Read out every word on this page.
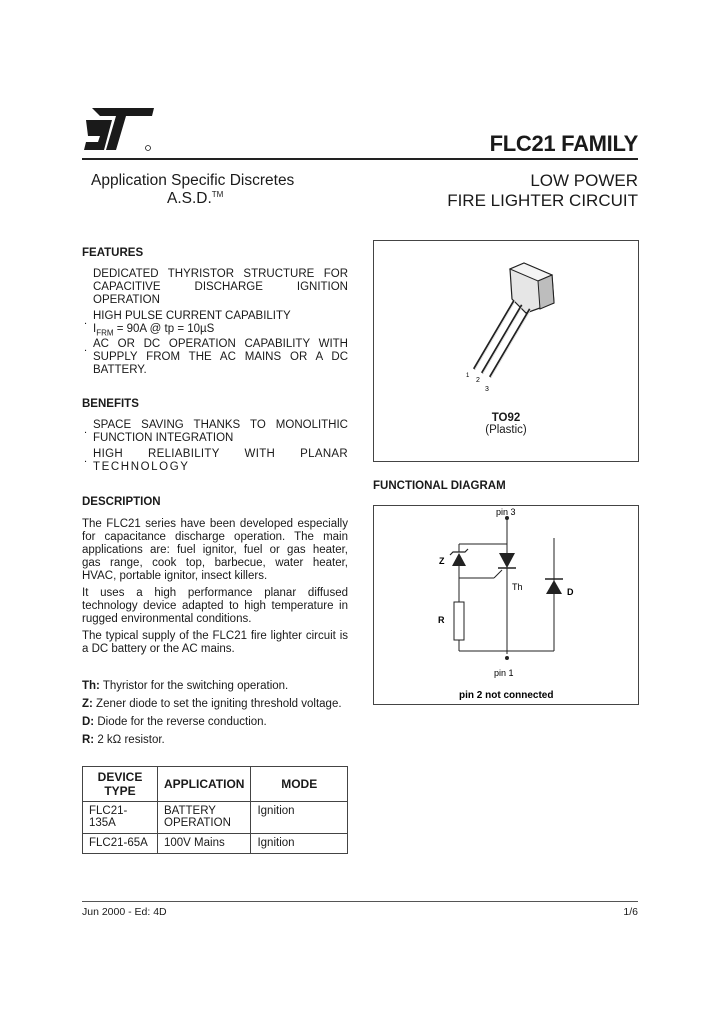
FLC21 FAMILY
Application Specific Discretes
A.S.D.™
LOW POWER
FIRE LIGHTER CIRCUIT
FEATURES
DEDICATED THYRISTOR STRUCTURE FOR
CAPACITIVE DISCHARGE IGNITION
OPERATION
. HIGH PULSE CURRENT CAPABILITY
$I_{FRM} = 90A$ @ tp = 10µS
. AC OR DC OPERATION CAPABILITY WITH
SUPPLY FROM THE AC MAINS OR A DC
BATTERY.
BENEFITS
. SPACE SAVING THANKS TO MONOLITHIC
FUNCTION INTEGRATION
. HIGH RELIABILITY WITH PLANAR
TECHNOLOGY
DESCRIPTION
The FLC21 series have been developed especially
for capacitance discharge operation. The main
applications are: fuel ignitor, fuel or gas heater,
gas range, cook top, barbecue, water heater,
HVAC, portable ignitor, insect killers.
It uses a high performance planar diffused
technology device adapted to high temperature in
rugged environmental conditions.
The typical supply of the FLC21 fire lighter circuit is
a DC battery or the AC mains.
Th: Thyristor for the switching operation.
Z: Zener diode to set the igniting threshold voltage.
D: Diode for the reverse conduction.
R: 2 kΩ resistor.
DEVICE TYPE	APPLICATION	MODE
FLC21-135A	BATTERY OPERATION	Ignition
FLC21-65A	100V Mains	Ignition
1
2
3
TO92
(Plastic)
FUNCTIONAL DIAGRAM
pin 3
pin 1
Z
Th	D
R
pin 2 not connected
Jun 2000 - Ed: 4D	1/6
